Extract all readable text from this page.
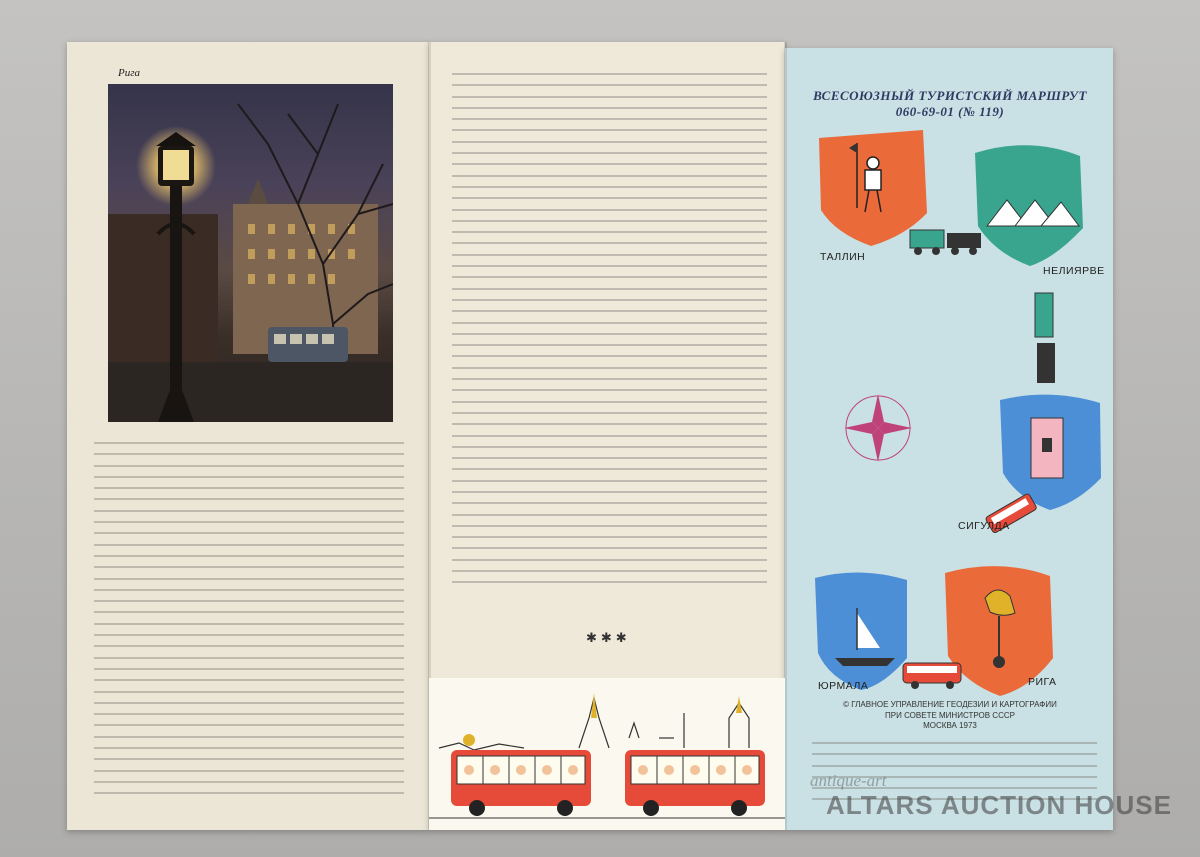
Рига
✱✱✱
ВСЕСОЮЗНЫЙ ТУРИСТСКИЙ МАРШРУТ
060-69-01 (№ 119)
ТАЛЛИН
НЕЛИЯРВЕ
СИГУЛДА
ЮРМАЛА	РИГА
© ГЛАВНОЕ УПРАВЛЕНИЕ ГЕОДЕЗИИ И КАРТОГРАФИИ
ПРИ СОВЕТЕ МИНИСТРОВ СССР
МОСКВА 1973
antique-art
ALTARS AUCTION HOUSE
